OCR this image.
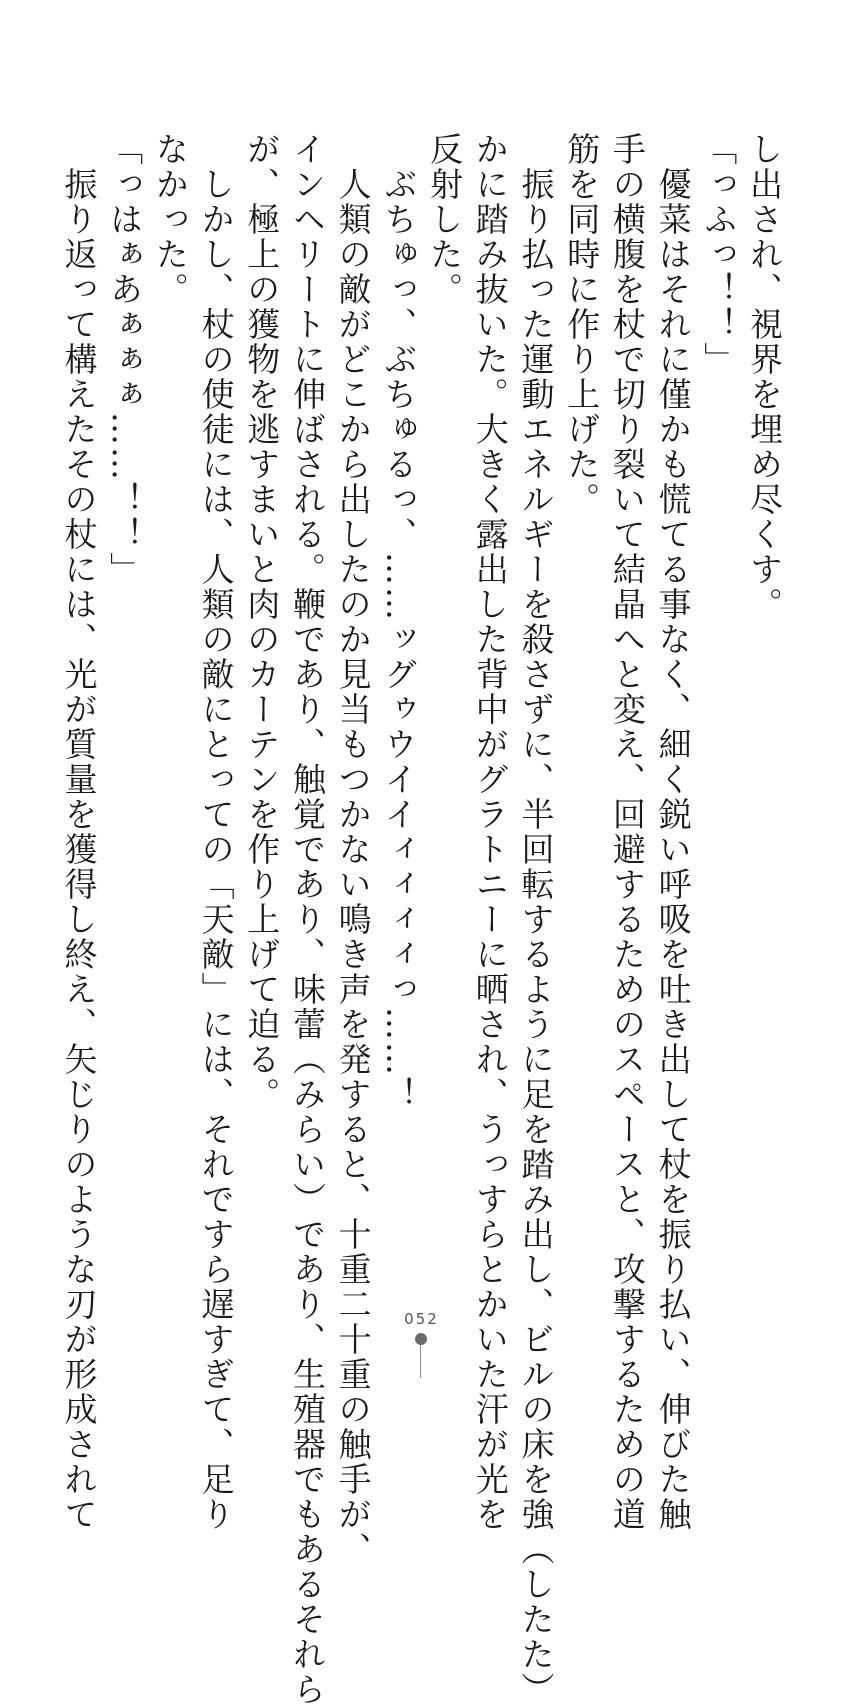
し出され、視界を埋め尽くす。

「っふっ！！」

　優菜はそれに僅かも慌てる事なく、細く鋭い呼吸を吐き出して杖を振り払い、伸びた触

手の横腹を杖で切り裂いて結晶へと変え、回避するためのスペースと、攻撃するための道

筋を同時に作り上げた。

　振り払った運動エネルギーを殺さずに、半回転するように足を踏み出し、ビルの床を強（したた）

かに踏み抜いた。大きく露出した背中がグラトニーに晒され、うっすらとかいた汗が光を

反射した。

　ぶちゅっ、ぶちゅるっ、……ッグゥウイイィィィィっ……！

　人類の敵がどこから出したのか見当もつかない鳴き声を発すると、十重二十重の触手が、

インヘリートに伸ばされる。鞭であり、触覚であり、味蕾（みらい）であり、生殖器でもあるそれら

が、極上の獲物を逃すまいと肉のカーテンを作り上げて迫る。

　しかし、杖の使徒には、人類の敵にとっての「天敵」には、それですら遅すぎて、足り

なかった。

「っはぁあぁぁぁ……！！」

　振り返って構えたその杖には、光が質量を獲得し終え、矢じりのような刃が形成されて	052
